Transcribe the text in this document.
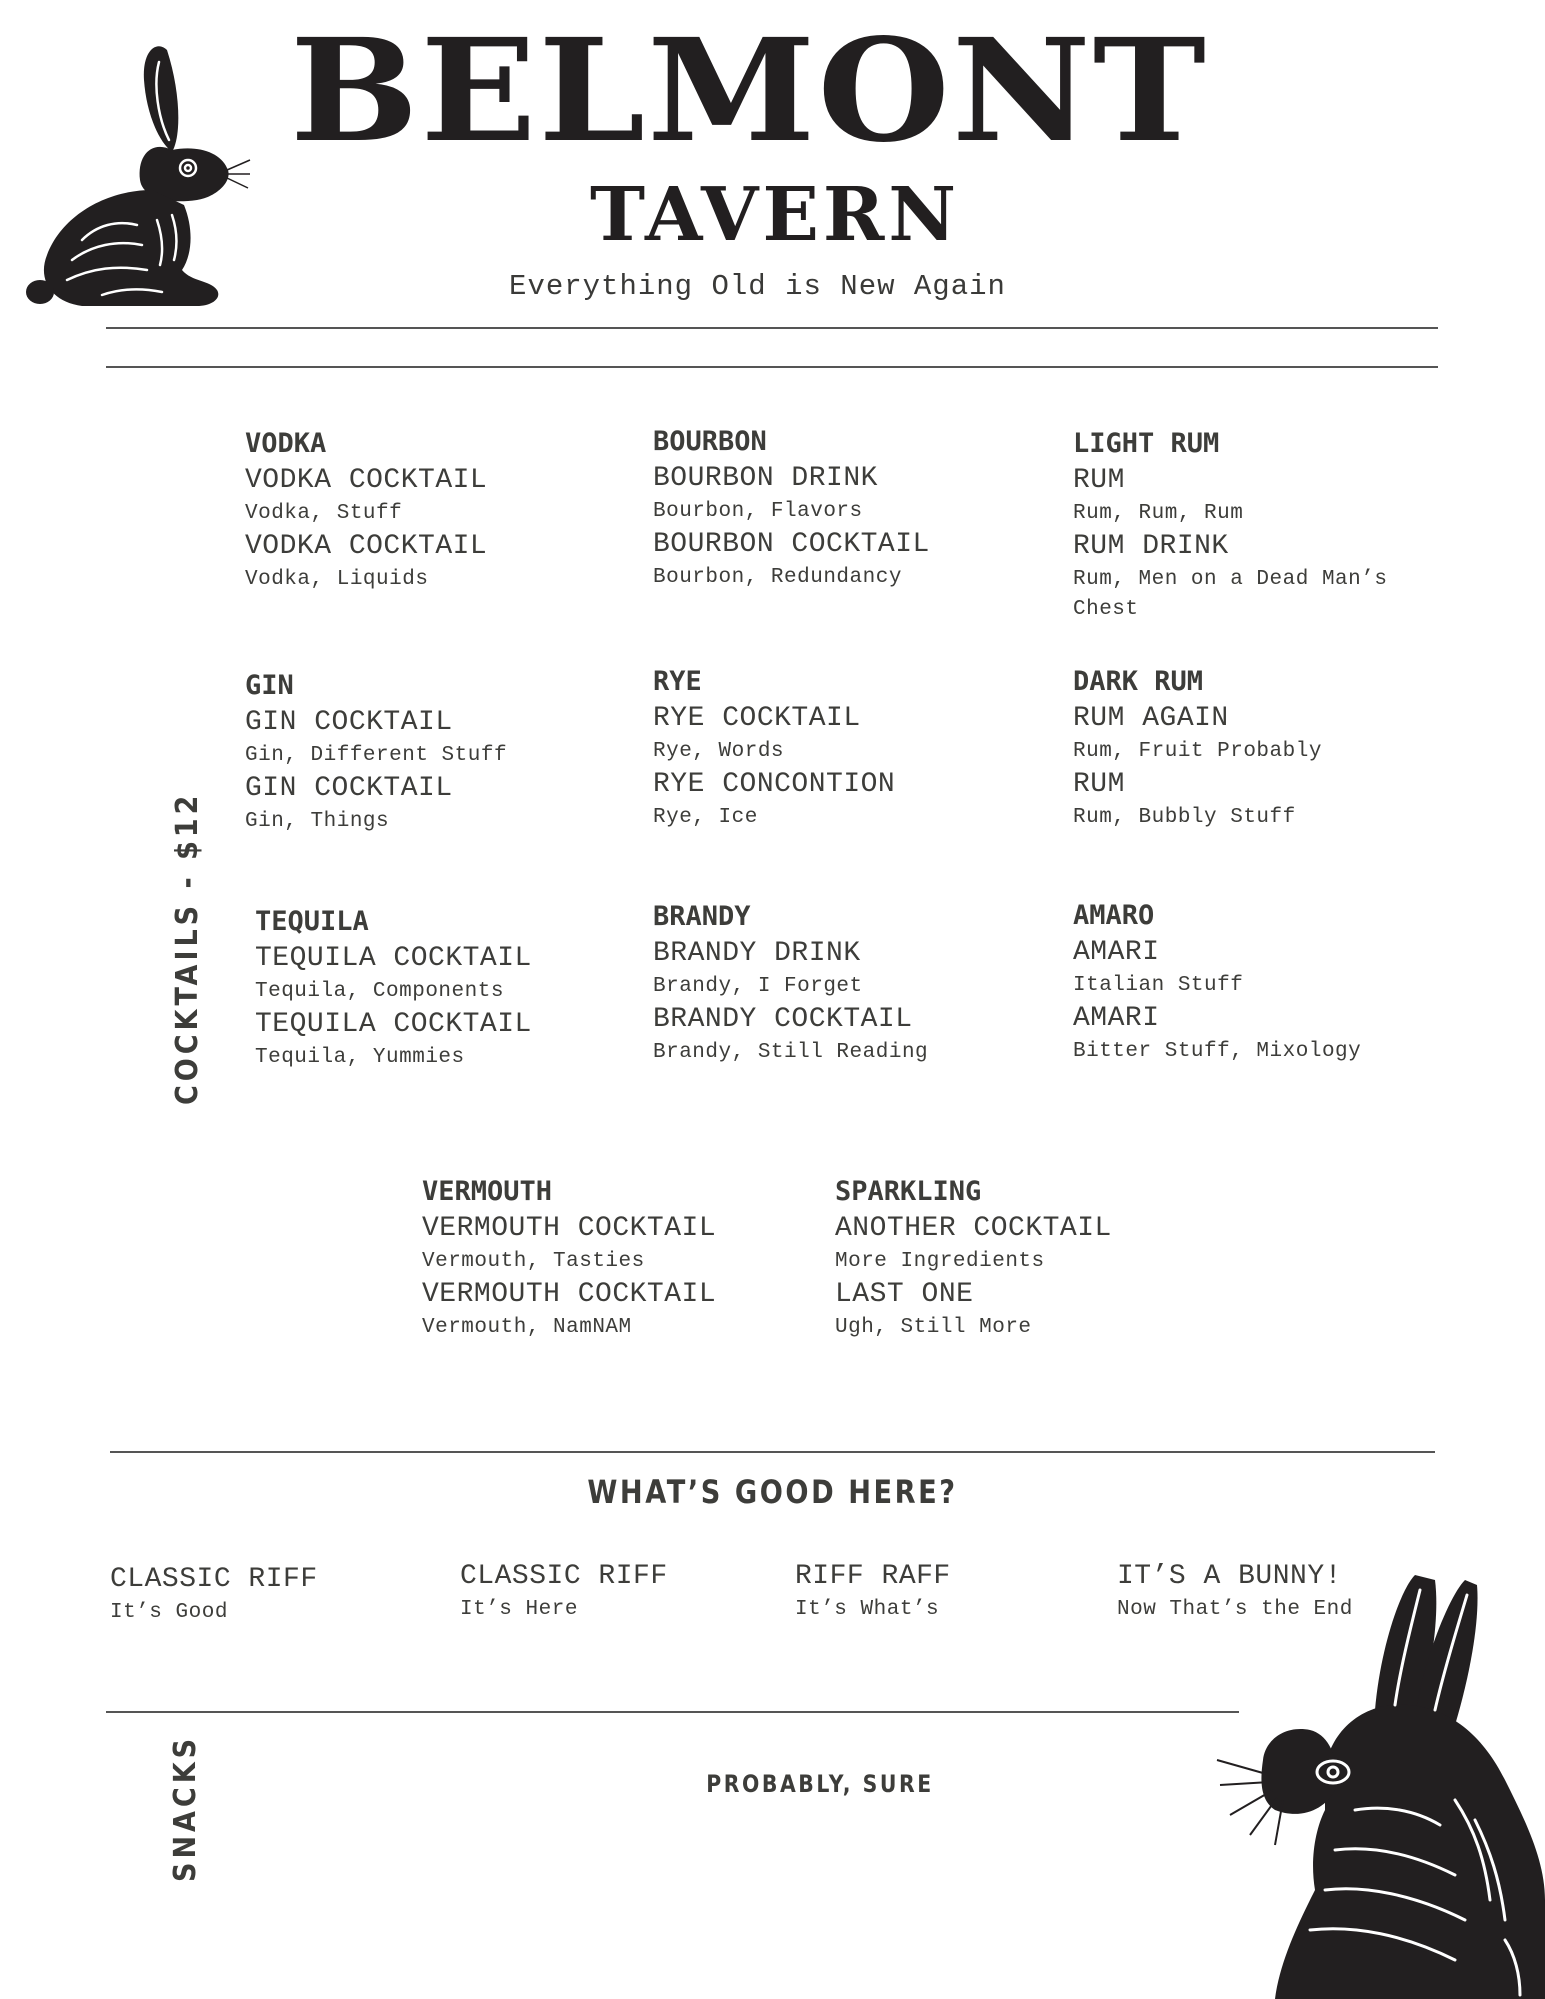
BELMONT
TAVERN
Everything Old is New Again
COCKTAILS - $12
VODKA
VODKA COCKTAIL
Vodka, Stuff
VODKA COCKTAIL
Vodka, Liquids
BOURBON
BOURBON DRINK
Bourbon, Flavors
BOURBON COCKTAIL
Bourbon, Redundancy
LIGHT RUM
RUM
Rum, Rum, Rum
RUM DRINK
Rum, Men on a Dead Man’s Chest
GIN
GIN COCKTAIL
Gin, Different Stuff
GIN COCKTAIL
Gin, Things
RYE
RYE COCKTAIL
Rye, Words
RYE CONCONTION
Rye, Ice
DARK RUM
RUM AGAIN
Rum, Fruit Probably
RUM
Rum, Bubbly Stuff
TEQUILA
TEQUILA COCKTAIL
Tequila, Components
TEQUILA COCKTAIL
Tequila, Yummies
BRANDY
BRANDY DRINK
Brandy, I Forget
BRANDY COCKTAIL
Brandy, Still Reading
AMARO
AMARI
Italian Stuff
AMARI
Bitter Stuff, Mixology
VERMOUTH
VERMOUTH COCKTAIL
Vermouth, Tasties
VERMOUTH COCKTAIL
Vermouth, NamNAM
SPARKLING
ANOTHER COCKTAIL
More Ingredients
LAST ONE
Ugh, Still More
WHAT’S GOOD HERE?
CLASSIC RIFF
It’s Good
CLASSIC RIFF
It’s Here
RIFF RAFF
It’s What’s
IT’S A BUNNY!
Now That’s the End
SNACKS	PROBABLY, SURE
